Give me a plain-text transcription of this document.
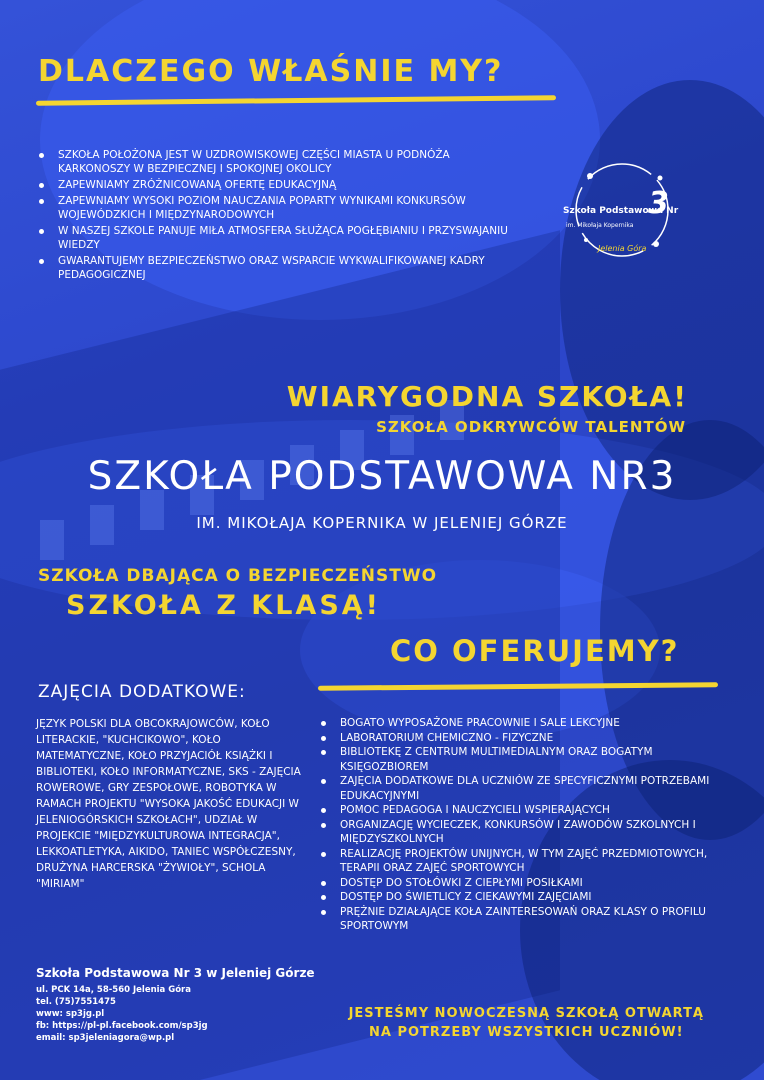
DLACZEGO WŁAŚNIE MY?
SZKOŁA POŁOŻONA JEST W UZDROWISKOWEJ CZĘŚCI MIASTA U PODNÓŻA KARKONOSZY W BEZPIECZNEJ I SPOKOJNEJ OKOLICY
ZAPEWNIAMY ZRÓŻNICOWANĄ OFERTĘ EDUKACYJNĄ
ZAPEWNIAMY WYSOKI POZIOM NAUCZANIA POPARTY WYNIKAMI KONKURSÓW WOJEWÓDZKICH I MIĘDZYNARODOWYCH
W NASZEJ SZKOLE PANUJE MIŁA ATMOSFERA SŁUŻĄCA POGŁĘBIANIU I PRZYSWAJANIU WIEDZY
GWARANTUJEMY BEZPIECZEŃSTWO ORAZ WSPARCIE WYKWALIFIKOWANEJ KADRY PEDAGOGICZNEJ
Szkoła Podstawowa Nr
3
im. Mikołaja Kopernika
Jelenia Góra
WIARYGODNA SZKOŁA!
SZKOŁA ODKRYWCÓW TALENTÓW
SZKOŁA PODSTAWOWA NR3
IM. MIKOŁAJA KOPERNIKA W JELENIEJ GÓRZE
SZKOŁA DBAJĄCA O BEZPIECZEŃSTWO
SZKOŁA Z KLASĄ!
CO OFERUJEMY?
ZAJĘCIA DODATKOWE:
JĘZYK POLSKI DLA OBCOKRAJOWCÓW, KOŁO LITERACKIE, "KUCHCIKOWO", KOŁO MATEMATYCZNE, KOŁO PRZYJACIÓŁ KSIĄŻKI I BIBLIOTEKI, KOŁO INFORMATYCZNE, SKS - ZAJĘCIA ROWEROWE, GRY ZESPOŁOWE, ROBOTYKA W RAMACH PROJEKTU "WYSOKA JAKOŚĆ EDUKACJI W JELENIOGÓRSKICH SZKOŁACH", UDZIAŁ W PROJEKCIE "MIĘDZYKULTUROWA INTEGRACJA", LEKKOATLETYKA, AIKIDO, TANIEC WSPÓŁCZESNY, DRUŻYNA HARCERSKA "ŻYWIOŁY", SCHOLA "MIRIAM"
BOGATO WYPOSAŻONE PRACOWNIE I SALE LEKCYJNE
LABORATORIUM CHEMICZNO - FIZYCZNE
BIBLIOTEKĘ Z CENTRUM MULTIMEDIALNYM ORAZ BOGATYM KSIĘGOZBIOREM
ZAJĘCIA DODATKOWE DLA UCZNIÓW ZE SPECYFICZNYMI POTRZEBAMI EDUKACYJNYMI
POMOC PEDAGOGA I NAUCZYCIELI WSPIERAJĄCYCH
ORGANIZACJĘ WYCIECZEK, KONKURSÓW I ZAWODÓW SZKOLNYCH I MIĘDZYSZKOLNYCH
REALIZACJĘ PROJEKTÓW UNIJNYCH, W TYM ZAJĘĆ PRZEDMIOTOWYCH, TERAPII ORAZ ZAJĘĆ SPORTOWYCH
DOSTĘP DO STOŁÓWKI Z CIEPŁYMI POSIŁKAMI
DOSTĘP DO ŚWIETLICY Z CIEKAWYMI ZAJĘCIAMI
PRĘŻNIE DZIAŁAJĄCE KOŁA ZAINTERESOWAŃ ORAZ KLASY O PROFILU SPORTOWYM
Szkoła Podstawowa Nr 3 w Jeleniej Górze
ul. PCK 14a, 58-560 Jelenia Góra
tel. (75)7551475
www: sp3jg.pl
fb: https://pl-pl.facebook.com/sp3jg
email: sp3jeleniagora@wp.pl
JESTEŚMY NOWOCZESNĄ SZKOŁĄ OTWARTĄ
NA POTRZEBY WSZYSTKICH UCZNIÓW!
